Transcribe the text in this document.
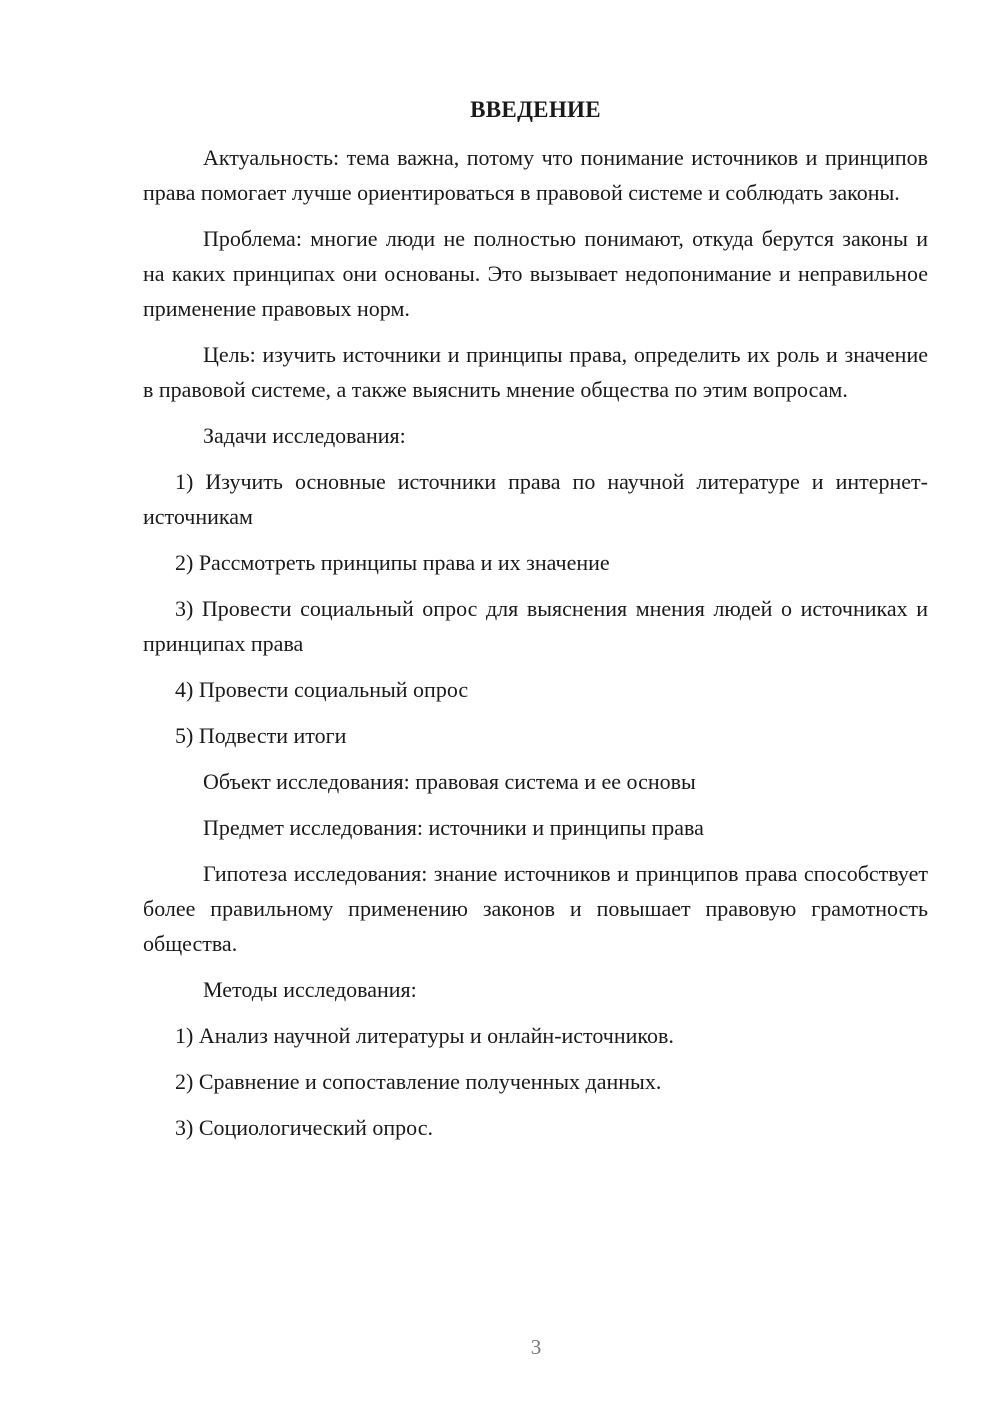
ВВЕДЕНИЕ

Актуальность: тема важна, потому что понимание источников и принципов права помогает лучше ориентироваться в правовой системе и соблюдать законы.

Проблема: многие люди не полностью понимают, откуда берутся законы и на каких принципах они основаны. Это вызывает недопонимание и неправильное применение правовых норм.

Цель: изучить источники и принципы права, определить их роль и значение в правовой системе, а также выяснить мнение общества по этим вопросам.

Задачи исследования:

1) Изучить основные источники права по научной литературе и интернет-источникам

2) Рассмотреть принципы права и их значение

3) Провести социальный опрос для выяснения мнения людей о источниках и принципах права

4) Провести социальный опрос

5) Подвести итоги

Объект исследования: правовая система и ее основы

Предмет исследования: источники и принципы права

Гипотеза исследования: знание источников и принципов права способствует более правильному применению законов и повышает правовую грамотность общества.

Методы исследования:

1) Анализ научной литературы и онлайн-источников.

2) Сравнение и сопоставление полученных данных.

3) Социологический опрос.

3
